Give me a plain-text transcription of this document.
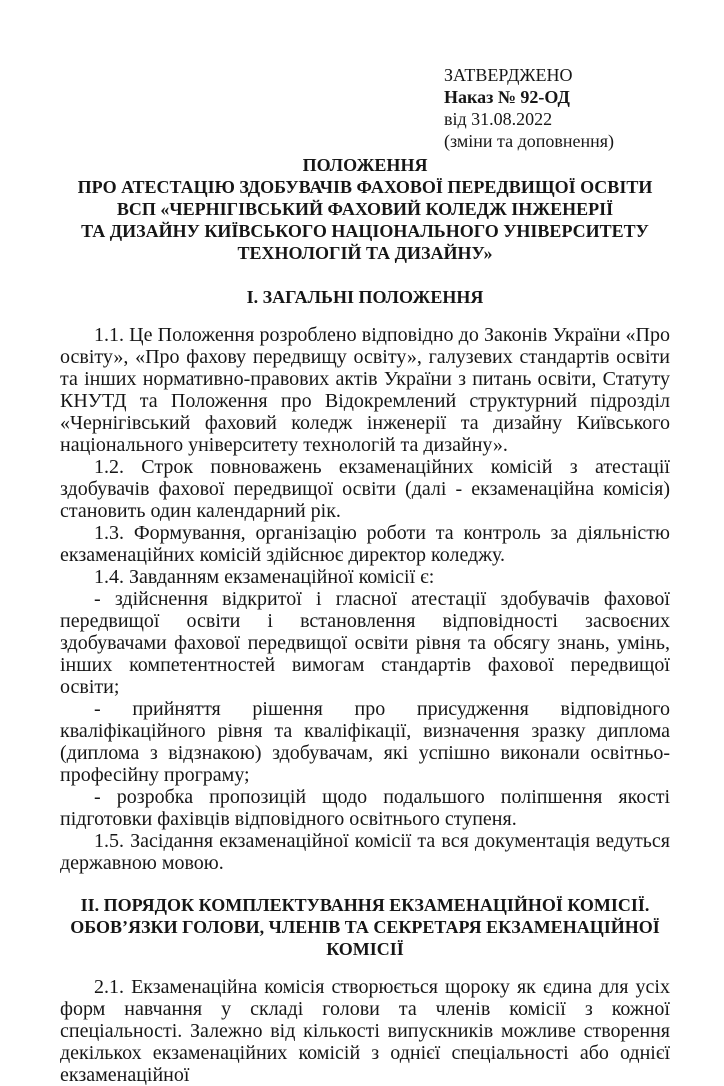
ЗАТВЕРДЖЕНО
Наказ № 92-ОД
від 31.08.2022
(зміни та доповнення)
ПОЛОЖЕННЯ
ПРО АТЕСТАЦІЮ ЗДОБУВАЧІВ ФАХОВОЇ ПЕРЕДВИЩОЇ ОСВІТИ
ВСП «ЧЕРНІГІВСЬКИЙ ФАХОВИЙ КОЛЕДЖ ІНЖЕНЕРІЇ
ТА ДИЗАЙНУ КИЇВСЬКОГО НАЦІОНАЛЬНОГО УНІВЕРСИТЕТУ
ТЕХНОЛОГІЙ ТА ДИЗАЙНУ»
І. ЗАГАЛЬНІ ПОЛОЖЕННЯ

1.1. Це Положення розроблено відповідно до Законів України «Про освіту», «Про фахову передвищу освіту», галузевих стандартів освіти та інших нормативно-правових актів України з питань освіти, Статуту КНУТД та Положення про Відокремлений структурний підрозділ «Чернігівський фаховий коледж інженерії та дизайну Київського національного університету технологій та дизайну».

1.2. Строк повноважень екзаменаційних комісій з атестації здобувачів фахової передвищої освіти (далі - екзаменаційна комісія) становить один календарний рік.

1.3. Формування, організацію роботи та контроль за діяльністю екзаменаційних комісій здійснює директор коледжу.

1.4. Завданням екзаменаційної комісії є:

- здійснення відкритої і гласної атестації здобувачів фахової передвищої освіти і встановлення відповідності засвоєних здобувачами фахової передвищої освіти рівня та обсягу знань, умінь, інших компетентностей вимогам стандартів фахової передвищої освіти;

- прийняття рішення про присудження відповідного кваліфікаційного рівня та кваліфікації, визначення зразку диплома (диплома з відзнакою) здобувачам, які успішно виконали освітньо-професійну програму;

- розробка пропозицій щодо подальшого поліпшення якості підготовки фахівців відповідного освітнього ступеня.

1.5. Засідання екзаменаційної комісії та вся документація ведуться державною мовою.

ІІ. ПОРЯДОК КОМПЛЕКТУВАННЯ ЕКЗАМЕНАЦІЙНОЇ КОМІСІЇ.
ОБОВ’ЯЗКИ ГОЛОВИ, ЧЛЕНІВ ТА СЕКРЕТАРЯ ЕКЗАМЕНАЦІЙНОЇ
КОМІСІЇ

2.1. Екзаменаційна комісія створюється щороку як єдина для усіх форм навчання у складі голови та членів комісії з кожної спеціальності. Залежно від кількості випускників можливе створення декількох екзаменаційних комісій з однієї спеціальності або однієї екзаменаційної
